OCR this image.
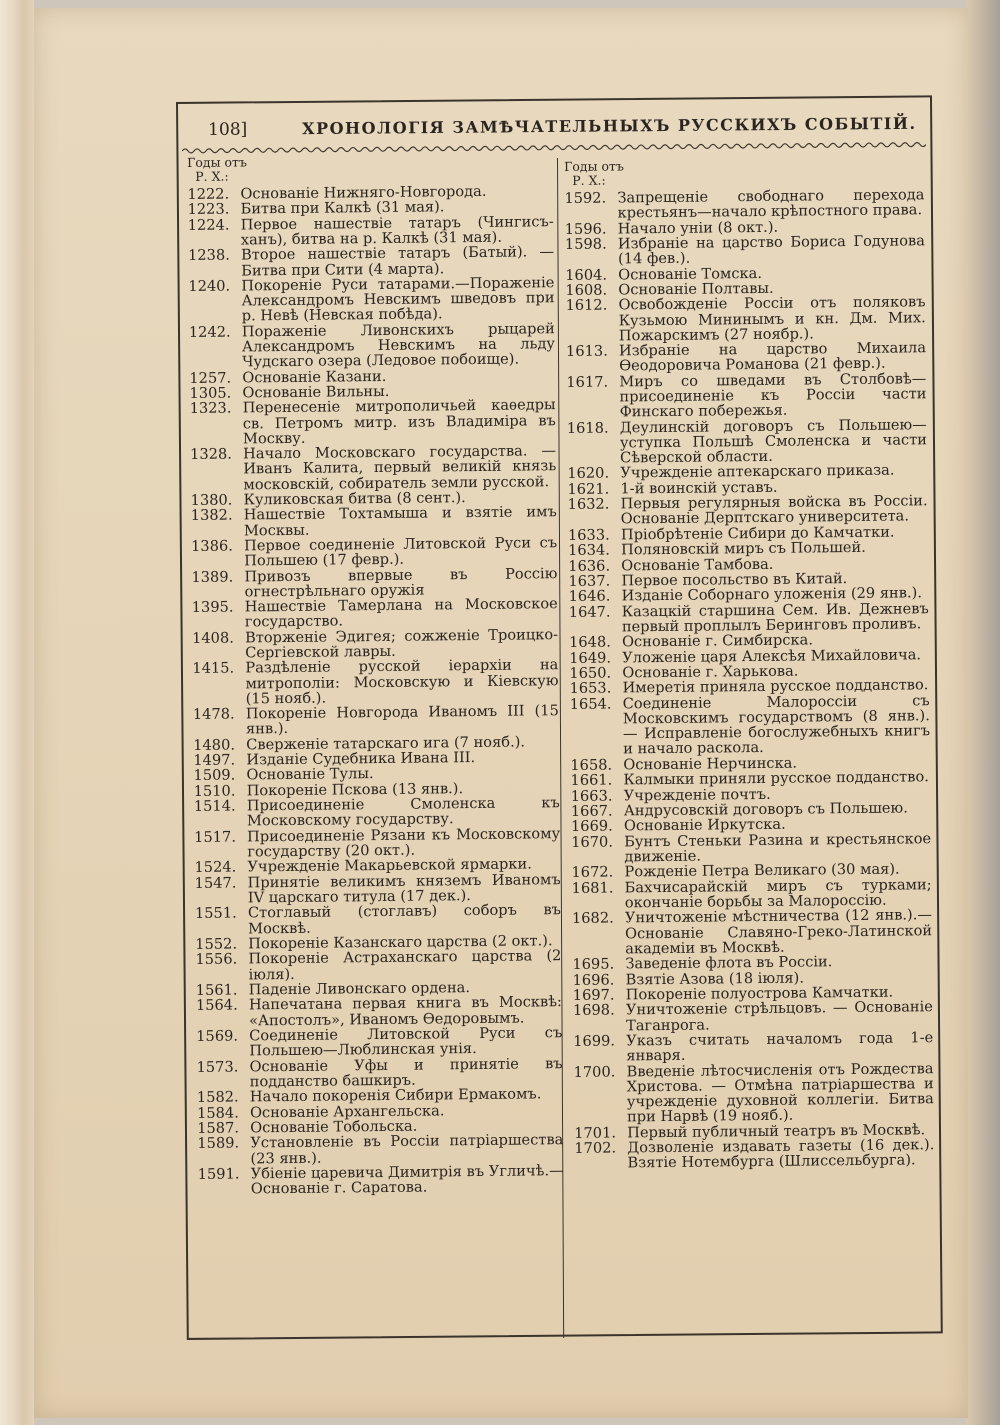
108]	ХРОНОЛОГІЯ ЗАМѢЧАТЕЛЬНЫХЪ РУССКИХЪ СОБЫТІЙ.
Годы отъ
Р. Х.:
1222. Основаніе Нижняго-Новгорода.
1223. Битва при Калкѣ (31 мая).
1224. Первое нашествіе татаръ (Чингисъ-ханъ), битва на р. Калкѣ (31 мая).
1238. Второе нашествіе татаръ (Батый). — Битва при Сити (4 марта).
1240. Покореніе Руси татарами.—Пораженіе Александромъ Невскимъ шведовъ при р. Невѣ (Невская побѣда).
1242. Пораженіе Ливонскихъ рыцарей Александромъ Невскимъ на льду Чудскаго озера (Ледовое побоище).
1257. Основаніе Казани.
1305. Основаніе Вильны.
1323. Перенесеніе митрополичьей каѳедры св. Петромъ митр. изъ Владиміра въ Москву.
1328. Начало Московскаго государства. — Иванъ Калита, первый великій князь московскій, собиратель земли русской.
1380. Куликовская битва (8 сент.).
1382. Нашествіе Тохтамыша и взятіе имъ Москвы.
1386. Первое соединеніе Литовской Руси съ Польшею (17 февр.).
1389. Привозъ впервые въ Россію огнестрѣльнаго оружія
1395. Нашествіе Тамерлана на Московское государство.
1408. Вторженіе Эдигея; сожженіе Троицко-Сергіевской лавры.
1415. Раздѣленіе русской іерархіи на митрополіи: Московскую и Кіевскую (15 нояб.).
1478. Покореніе Новгорода Иваномъ III (15 янв.).
1480. Сверженіе татарскаго ига (7 нояб.).
1497. Изданіе Судебника Ивана III.
1509. Основаніе Тулы.
1510. Покореніе Пскова (13 янв.).
1514. Присоединеніе Смоленска къ Московскому государству.
1517. Присоединеніе Рязани къ Московскому государству (20 окт.).
1524. Учрежденіе Макарьевской ярмарки.
1547. Принятіе великимъ княземъ Иваномъ IV царскаго титула (17 дек.).
1551. Стоглавый (стоглавъ) соборъ въ Москвѣ.
1552. Покореніе Казанскаго царства (2 окт.).
1556. Покореніе Астраханскаго царства (2 іюля).
1561. Паденіе Ливонскаго ордена.
1564. Напечатана первая книга въ Москвѣ: «Апостолъ», Иваномъ Ѳедоровымъ.
1569. Соединеніе Литовской Руси съ Польшею—Люблинская унія.
1573. Основаніе Уфы и принятіе въ подданство башкиръ.
1582. Начало покоренія Сибири Ермакомъ.
1584. Основаніе Архангельска.
1587. Основаніе Тобольска.
1589. Установленіе въ Россіи патріаршества (23 янв.).
1591. Убіеніе царевича Димитрія въ Угличѣ.— Основаніе г. Саратова.
Годы отъ
Р. Х.:
1592. Запрещеніе свободнаго перехода крестьянъ—начало крѣпостного права.
1596. Начало уніи (8 окт.).
1598. Избраніе на царство Бориса Годунова (14 фев.).
1604. Основаніе Томска.
1608. Основаніе Полтавы.
1612. Освобожденіе Россіи отъ поляковъ Кузьмою Мининымъ и кн. Дм. Мих. Пожарскимъ (27 ноябр.).
1613. Избраніе на царство Михаила Ѳеодоровича Романова (21 февр.).
1617. Миръ со шведами въ Столбовѣ—присоединеніе къ Россіи части Финскаго побережья.
1618. Деулинскій договоръ съ Польшею—уступка Польшѣ Смоленска и части Сѣверской области.
1620. Учрежденіе аптекарскаго приказа.
1621. 1-й воинскій уставъ.
1632. Первыя регулярныя войска въ Россіи. Основаніе Дерптскаго университета.
1633. Пріобрѣтеніе Сибири до Камчатки.
1634. Поляновскій миръ съ Польшей.
1636. Основаніе Тамбова.
1637. Первое посольство въ Китай.
1646. Изданіе Соборнаго уложенія (29 янв.).
1647. Казацкій старшина Сем. Ив. Дежневъ первый проплылъ Беринговъ проливъ.
1648. Основаніе г. Симбирска.
1649. Уложеніе царя Алексѣя Михайловича.
1650. Основаніе г. Харькова.
1653. Имеретія приняла русское подданство.
1654. Соединеніе Малороссіи съ Московскимъ государствомъ (8 янв.). — Исправленіе богослужебныхъ книгъ и начало раскола.
1658. Основаніе Нерчинска.
1661. Калмыки приняли русское подданство.
1663. Учрежденіе почтъ.
1667. Андрусовскій договоръ съ Польшею.
1669. Основаніе Иркутска.
1670. Бунтъ Стеньки Разина и крестьянское движеніе.
1672. Рожденіе Петра Великаго (30 мая).
1681. Бахчисарайскій миръ съ турками; окончаніе борьбы за Малороссію.
1682. Уничтоженіе мѣстничества (12 янв.).— Основаніе Славяно-Греко-Латинской академіи въ Москвѣ.
1695. Заведеніе флота въ Россіи.
1696. Взятіе Азова (18 іюля).
1697. Покореніе полуострова Камчатки.
1698. Уничтоженіе стрѣльцовъ. — Основаніе Таганрога.
1699. Указъ считать началомъ года 1-е января.
1700. Введеніе лѣтосчисленія отъ Рождества Христова. — Отмѣна патріаршества и учрежденіе духовной коллегіи. Битва при Нарвѣ (19 нояб.).
1701. Первый публичный театръ въ Москвѣ.
1702. Дозволеніе издавать газеты (16 дек.). Взятіе Нотембурга (Шлиссельбурга).
